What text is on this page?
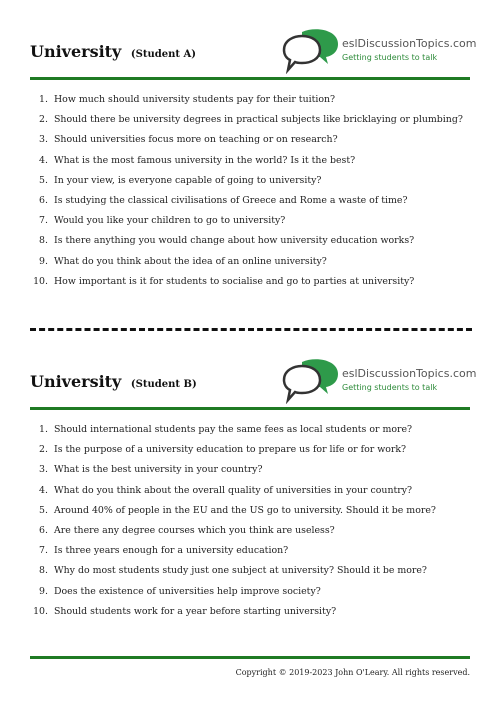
University (Student A)
eslDiscussionTopics.com
Getting students to talk
1. How much should university students pay for their tuition?
2. Should there be university degrees in practical subjects like bricklaying or plumbing?
3. Should universities focus more on teaching or on research?
4. What is the most famous university in the world? Is it the best?
5. In your view, is everyone capable of going to university?
6. Is studying the classical civilisations of Greece and Rome a waste of time?
7. Would you like your children to go to university?
8. Is there anything you would change about how university education works?
9. What do you think about the idea of an online university?
10. How important is it for students to socialise and go to parties at university?
University (Student B)
eslDiscussionTopics.com
Getting students to talk
1. Should international students pay the same fees as local students or more?
2. Is the purpose of a university education to prepare us for life or for work?
3. What is the best university in your country?
4. What do you think about the overall quality of universities in your country?
5. Around 40% of people in the EU and the US go to university. Should it be more?
6. Are there any degree courses which you think are useless?
7. Is three years enough for a university education?
8. Why do most students study just one subject at university? Should it be more?
9. Does the existence of universities help improve society?
10. Should students work for a year before starting university?
Copyright © 2019-2023 John O'Leary. All rights reserved.
